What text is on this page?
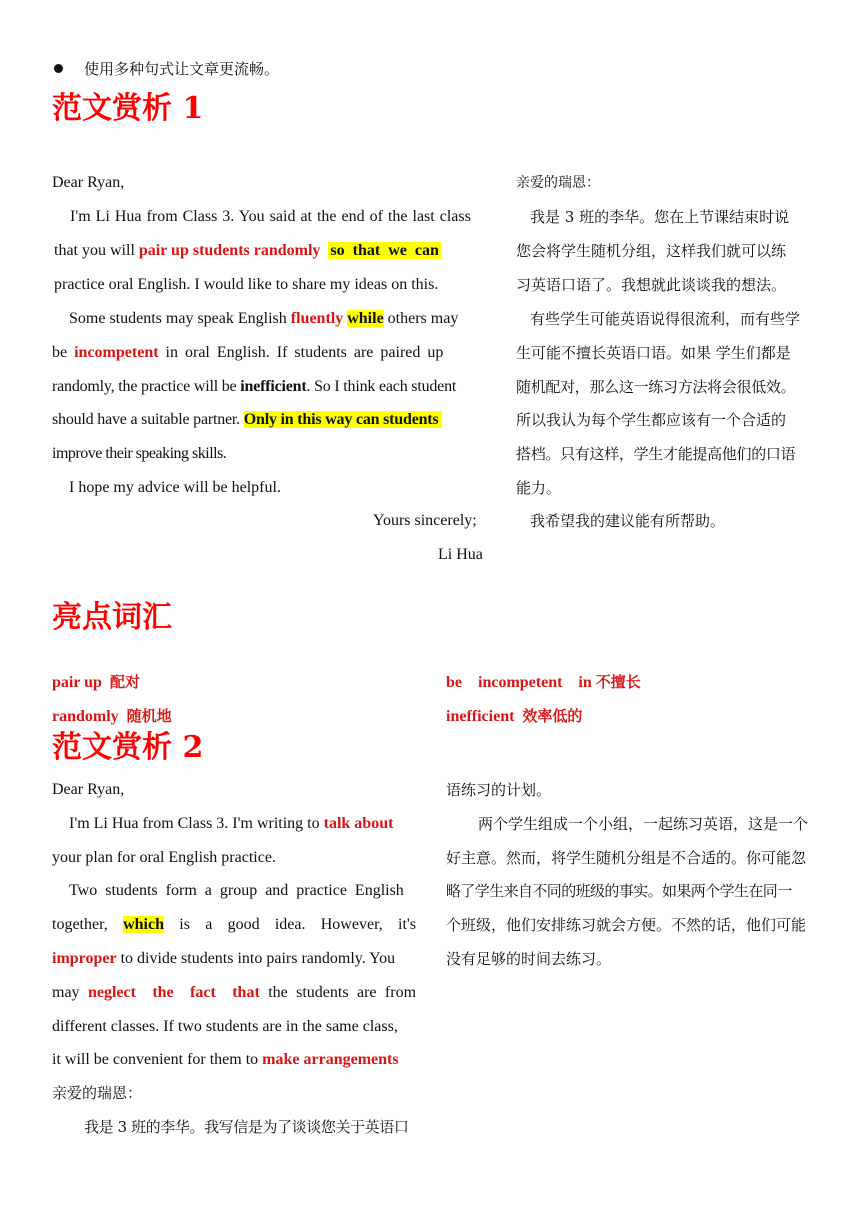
使用多种句式让文章更流畅。
范文赏析 1
Dear Ryan,
I'm Li Hua from Class 3. You said at the end of the last class
that you will pair up students randomly so that we can
practice oral English. I would like to share my ideas on this.
Some students may speak English fluently while others may
be incompetent in oral English. If students are paired up
randomly, the practice will be inefficient. So I think each student
should have a suitable partner. Only in this way can students
improve their speaking skills.
I hope my advice will be helpful.
Yours sincerely;
Li Hua
亲爱的瑞恩：
我是 3 班的李华。您在上节课结束时说
您会将学生随机分组，这样我们就可以练
习英语口语了。我想就此谈谈我的想法。
有些学生可能英语说得很流利，而有些学
生可能不擅长英语口语。如果 学生们都是
随机配对，那么这一练习方法将会很低效。
所以我认为每个学生都应该有一个合适的
搭档。只有这样，学生才能提高他们的口语
能力。
我希望我的建议能有所帮助。
亮点词汇
pair up 配对	be　incompetent　in 不擅长
randomly 随机地	inefficient 效率低的
范文赏析 2
Dear Ryan,
I'm Li Hua from Class 3. I'm writing to talk about
your plan for oral English practice.
Two students form a group and practice English
together, which is a good idea. However, it's
improper to divide students into pairs randomly. You
may neglect the fact that the students are from
different classes. If two students are in the same class,
it will be convenient for them to make arrangements
亲爱的瑞恩：
我是 3 班的李华。我写信是为了谈谈您关于英语口
语练习的计划。
两个学生组成一个小组，一起练习英语，这是一个
好主意。然而，将学生随机分组是不合适的。你可能忽
略了学生来自不同的班级的事实。如果两个学生在同一
个班级，他们安排练习就会方便。不然的话，他们可能
没有足够的时间去练习。
